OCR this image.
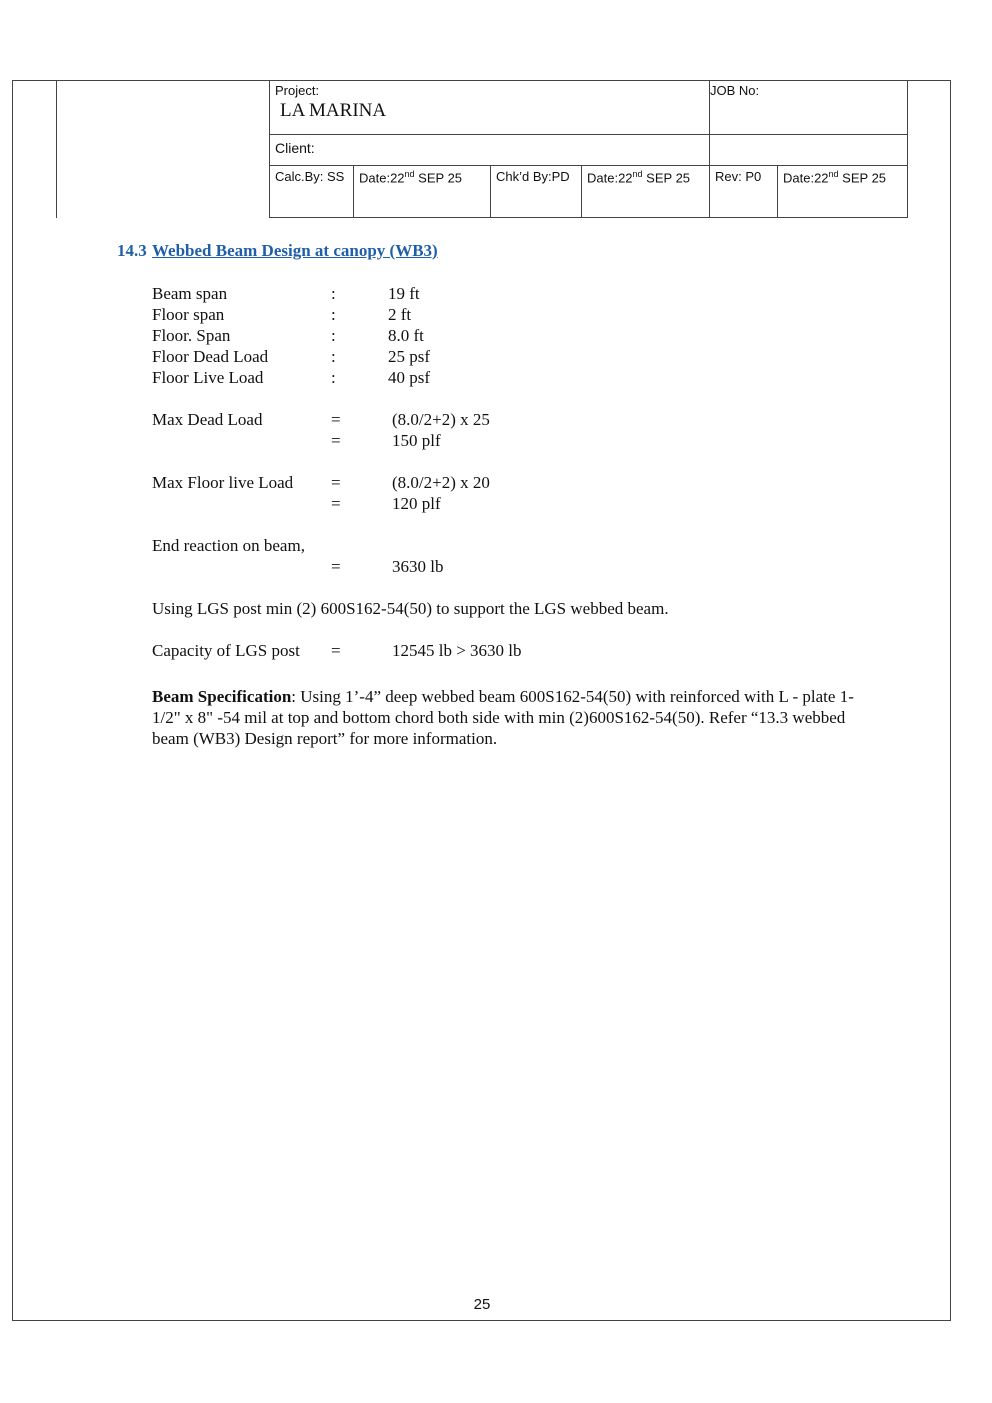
Project:
LA MARINA
JOB No:
Client:
Calc.By: SS	Date:22nd SEP 25	Chk’d By:PD	Date:22nd SEP 25	Rev: P0	Date:22nd SEP 25
14.3 Webbed Beam Design at canopy (WB3)
Beam span	:	19 ft
Floor span	:	2 ft
Floor. Span	:	8.0 ft
Floor Dead Load	:	25 psf
Floor Live Load	:	40 psf
Max Dead Load	=	(8.0/2+2) x 25
=	150 plf
Max Floor live Load =	(8.0/2+2) x 20
=	120 plf
End reaction on beam,
=	3630 lb
Using LGS post min (2) 600S162-54(50) to support the LGS webbed beam.
Capacity of LGS post =	12545 lb > 3630 lb
Beam Specification: Using 1’-4” deep webbed beam 600S162-54(50) with reinforced with L - plate 1-1/2" x 8" -54 mil at top and bottom chord both side with min (2)600S162-54(50). Refer “13.3 webbed beam (WB3) Design report” for more information.
25
